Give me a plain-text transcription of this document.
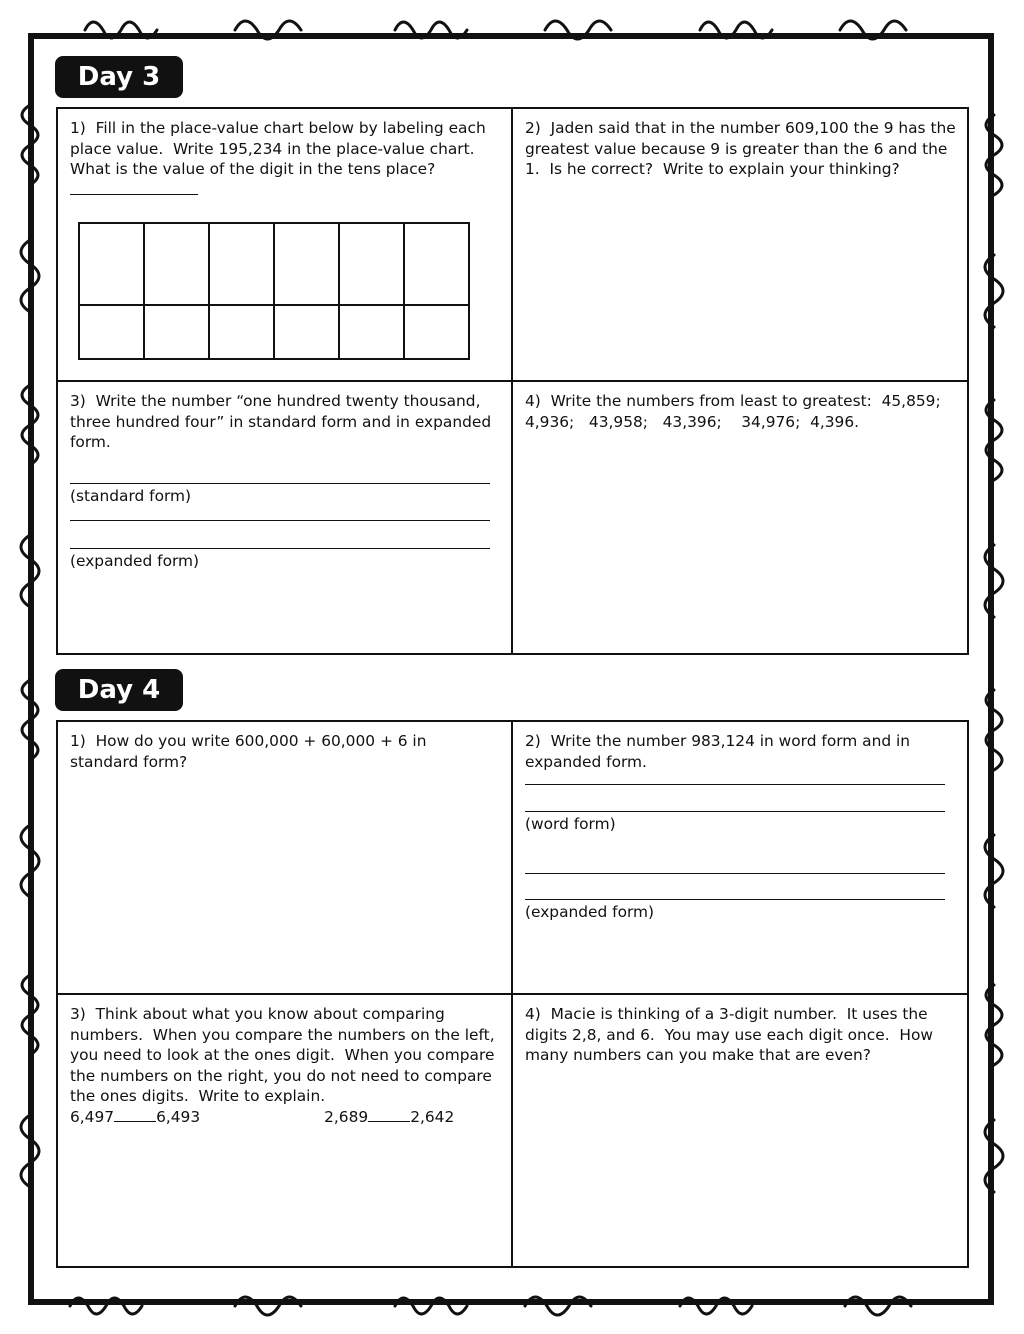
Day 3

1)  Fill in the place-value chart below by labeling each place value.  Write 195,234 in the place-value chart.  What is the value of the digit in the tens place?

2)  Jaden said that in the number 609,100 the 9 has the greatest value because 9 is greater than the 6 and the 1.  Is he correct?  Write to explain your thinking?

3)  Write the number “one hundred twenty thousand, three hundred four” in standard form and in expanded form.

(standard form)

(expanded form)

4)  Write the numbers from least to greatest:  45,859;    4,936;   43,958;   43,396;    34,976;  4,396.

Day 4

1)  How do you write 600,000 + 60,000 + 6 in standard form?

2)  Write the number 983,124 in word form and in expanded form.

(word form)

(expanded form)

3)  Think about what you know about comparing numbers.  When you compare the numbers on the left, you need to look at the ones digit.  When you compare the numbers on the right, you do not need to compare the ones digits.  Write to explain.

6,497	6,493	2,689	2,642

4)  Macie is thinking of a 3-digit number.  It uses the digits 2,8, and 6.  You may use each digit once.  How many numbers can you make that are even?
